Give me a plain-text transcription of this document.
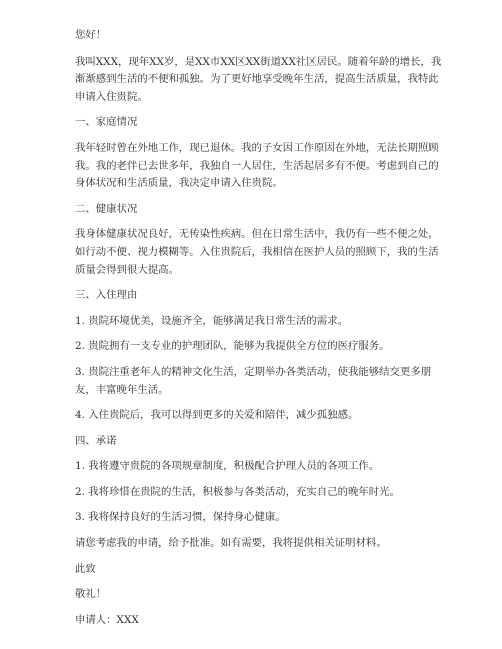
您好！

我叫XXX，现年XX岁，是XX市XX区XX街道XX社区居民。随着年龄的增长，我渐渐感到生活的不便和孤独。为了更好地享受晚年生活，提高生活质量，我特此申请入住贵院。

一、家庭情况

我年轻时曾在外地工作，现已退休。我的子女因工作原因在外地，无法长期照顾我。我的老伴已去世多年，我独自一人居住，生活起居多有不便。考虑到自己的身体状况和生活质量，我决定申请入住贵院。

二、健康状况

我身体健康状况良好，无传染性疾病。但在日常生活中，我仍有一些不便之处，如行动不便、视力模糊等。入住贵院后，我相信在医护人员的照顾下，我的生活质量会得到很大提高。

三、入住理由

1. 贵院环境优美，设施齐全，能够满足我日常生活的需求。

2. 贵院拥有一支专业的护理团队，能够为我提供全方位的医疗服务。

3. 贵院注重老年人的精神文化生活，定期举办各类活动，使我能够结交更多朋友，丰富晚年生活。

4. 入住贵院后，我可以得到更多的关爱和陪伴，减少孤独感。

四、承诺

1. 我将遵守贵院的各项规章制度，积极配合护理人员的各项工作。

2. 我将珍惜在贵院的生活，积极参与各类活动，充实自己的晚年时光。

3. 我将保持良好的生活习惯，保持身心健康。

请您考虑我的申请，给予批准。如有需要，我将提供相关证明材料。

此致

敬礼！

申请人：XXX
